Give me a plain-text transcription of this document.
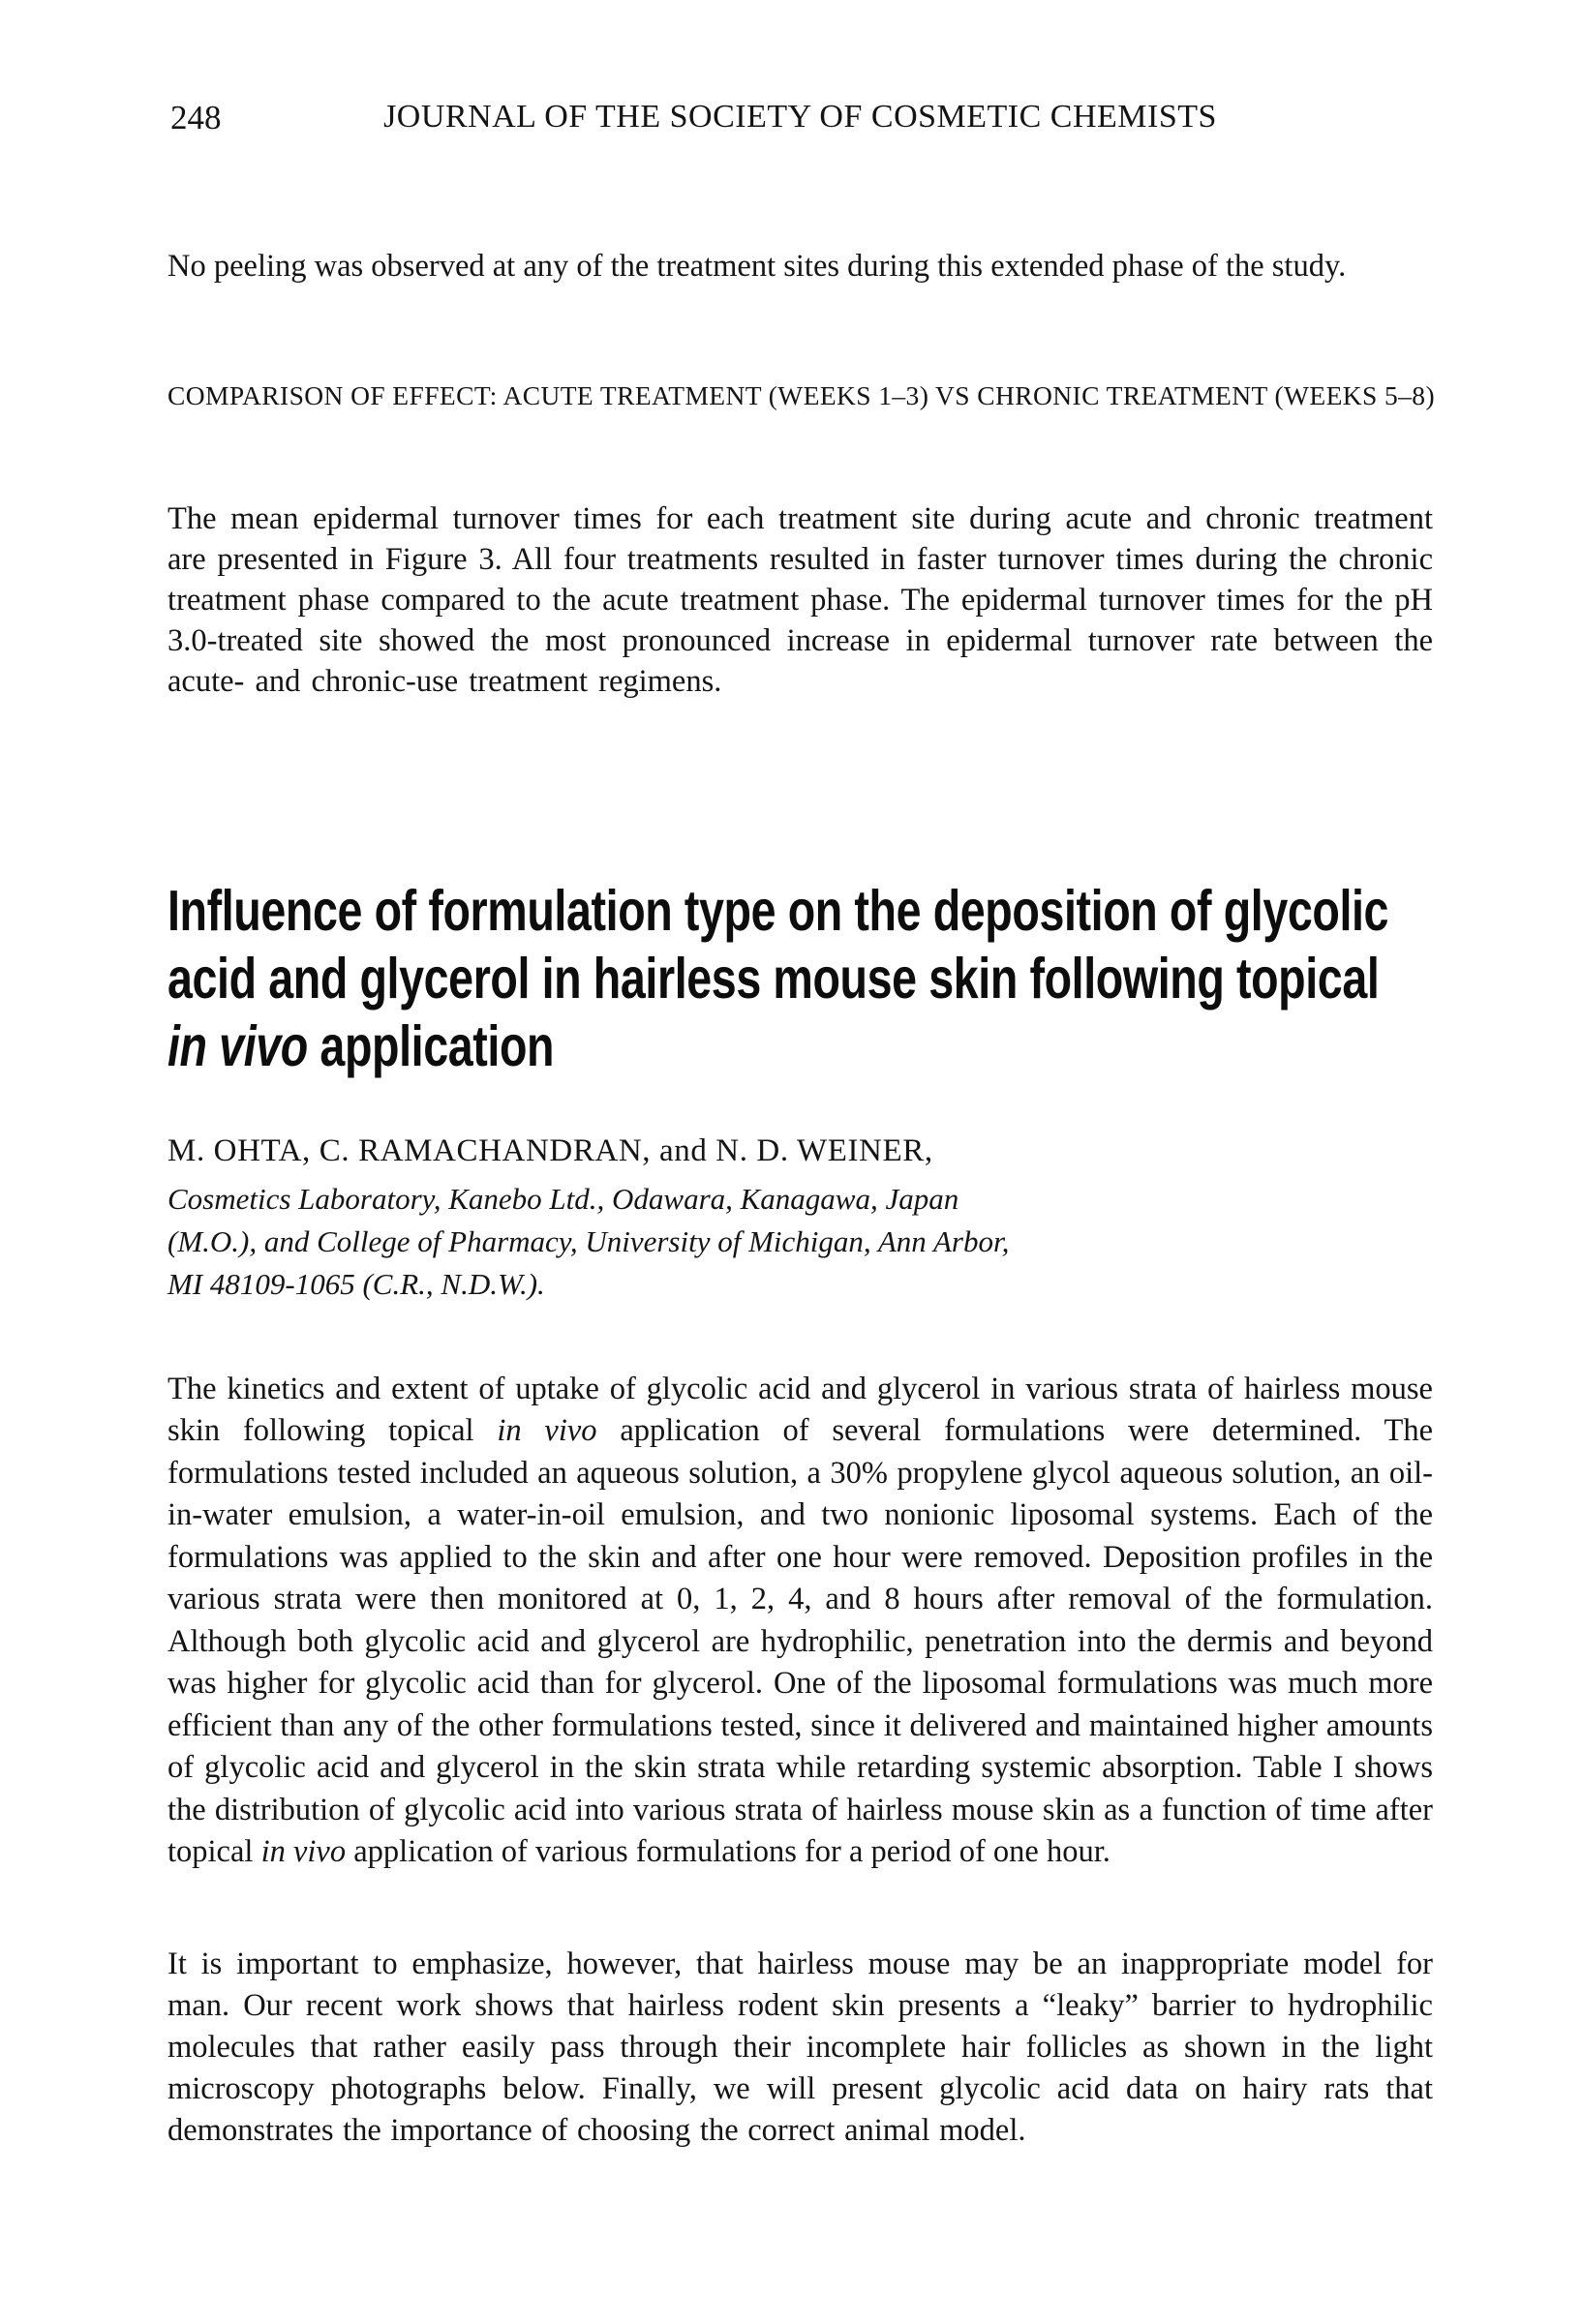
248	JOURNAL OF THE SOCIETY OF COSMETIC CHEMISTS

No peeling was observed at any of the treatment sites during this extended phase of the study.

COMPARISON OF EFFECT: ACUTE TREATMENT (WEEKS 1–3) VS CHRONIC TREATMENT (WEEKS 5–8)

The mean epidermal turnover times for each treatment site during acute and chronic treatment are presented in Figure 3. All four treatments resulted in faster turnover times during the chronic treatment phase compared to the acute treatment phase. The epidermal turnover times for the pH 3.0-treated site showed the most pronounced increase in epidermal turnover rate between the acute- and chronic-use treatment regimens.

Influence of formulation type on the deposition of glycolic
acid and glycerol in hairless mouse skin following topical
in vivo application
M. OHTA, C. RAMACHANDRAN, and N. D. WEINER,
Cosmetics Laboratory, Kanebo Ltd., Odawara, Kanagawa, Japan
(M.O.), and College of Pharmacy, University of Michigan, Ann Arbor,
MI 48109-1065 (C.R., N.D.W.).

The kinetics and extent of uptake of glycolic acid and glycerol in various strata of hairless mouse skin following topical in vivo application of several formulations were determined. The formulations tested included an aqueous solution, a 30% propylene glycol aqueous solution, an oil-in-water emulsion, a water-in-oil emulsion, and two nonionic liposomal systems. Each of the formulations was applied to the skin and after one hour were removed. Deposition profiles in the various strata were then monitored at 0, 1, 2, 4, and 8 hours after removal of the formulation. Although both glycolic acid and glycerol are hydrophilic, penetration into the dermis and beyond was higher for glycolic acid than for glycerol. One of the liposomal formulations was much more efficient than any of the other formulations tested, since it delivered and maintained higher amounts of glycolic acid and glycerol in the skin strata while retarding systemic absorption. Table I shows the distribution of glycolic acid into various strata of hairless mouse skin as a function of time after topical in vivo application of various formulations for a period of one hour.

It is important to emphasize, however, that hairless mouse may be an inappropriate model for man. Our recent work shows that hairless rodent skin presents a “leaky” barrier to hydrophilic molecules that rather easily pass through their incomplete hair follicles as shown in the light microscopy photographs below. Finally, we will present glycolic acid data on hairy rats that demonstrates the importance of choosing the correct animal model.
